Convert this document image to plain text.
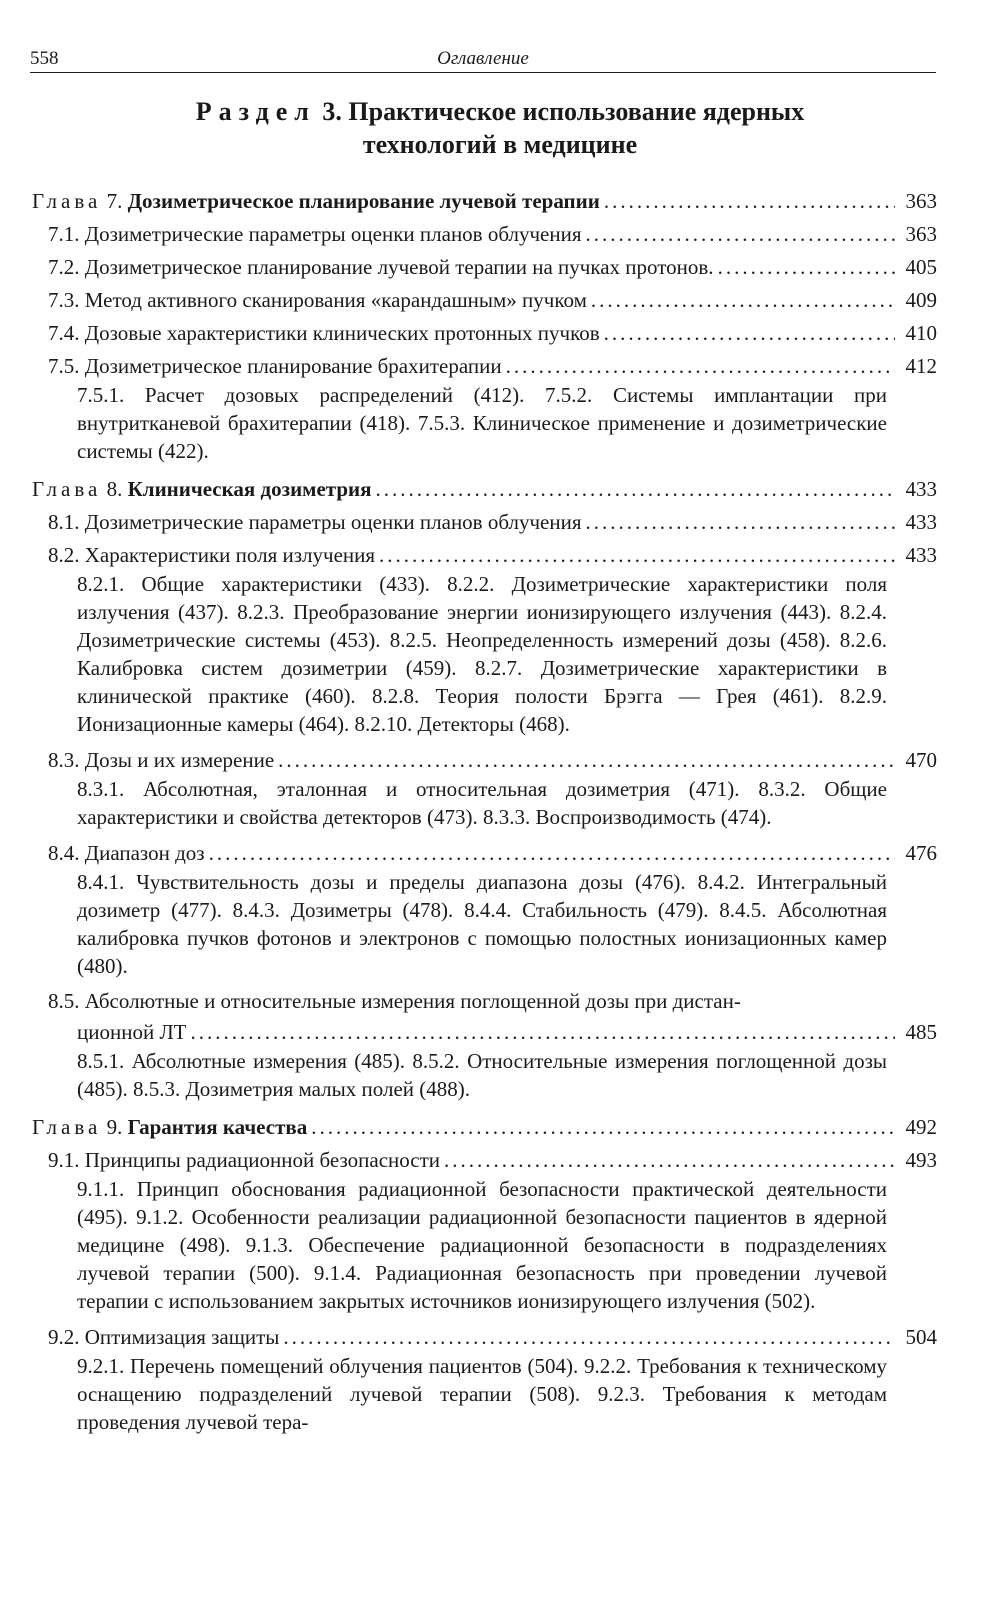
558	Оглавление
Раздел 3. Практическое использование ядерных
технологий в медицине
Глава 7. Дозиметрическое планирование лучевой терапии .....	363
7.1. Дозиметрические параметры оценки планов облучения .....	363
7.2. Дозиметрическое планирование лучевой терапии на пучках протонов. .....	405
7.3. Метод активного сканирования «карандашным» пучком .....	409
7.4. Дозовые характеристики клинических протонных пучков .....	410
7.5. Дозиметрическое планирование брахитерапии .....	412
7.5.1. Расчет дозовых распределений (412). 7.5.2. Системы имплантации при внутритканевой брахитерапии (418). 7.5.3. Клиническое применение и дозиметрические системы (422).
Глава 8. Клиническая дозиметрия .....	433
8.1. Дозиметрические параметры оценки планов облучения .....	433
8.2. Характеристики поля излучения .....	433
8.2.1. Общие характеристики (433). 8.2.2. Дозиметрические характеристики поля излучения (437). 8.2.3. Преобразование энергии ионизирующего излучения (443). 8.2.4. Дозиметрические системы (453). 8.2.5. Неопределенность измерений дозы (458). 8.2.6. Калибровка систем дозиметрии (459). 8.2.7. Дозиметрические характеристики в клинической практике (460). 8.2.8. Теория полости Брэгга — Грея (461). 8.2.9. Ионизационные камеры (464). 8.2.10. Детекторы (468).
8.3. Дозы и их измерение .....	470
8.3.1. Абсолютная, эталонная и относительная дозиметрия (471). 8.3.2. Общие характеристики и свойства детекторов (473). 8.3.3. Воспроизводимость (474).
8.4. Диапазон доз .....	476
8.4.1. Чувствительность дозы и пределы диапазона дозы (476). 8.4.2. Интегральный дозиметр (477). 8.4.3. Дозиметры (478). 8.4.4. Стабильность (479). 8.4.5. Абсолютная калибровка пучков фотонов и электронов с помощью полостных ионизационных камер (480).
8.5. Абсолютные и относительные измерения поглощенной дозы при дистан-
ционной ЛТ .....	485
8.5.1. Абсолютные измерения (485). 8.5.2. Относительные измерения поглощенной дозы (485). 8.5.3. Дозиметрия малых полей (488).
Глава 9. Гарантия качества .....	492
9.1. Принципы радиационной безопасности .....	493
9.1.1. Принцип обоснования радиационной безопасности практической деятельности (495). 9.1.2. Особенности реализации радиационной безопасности пациентов в ядерной медицине (498). 9.1.3. Обеспечение радиационной безопасности в подразделениях лучевой терапии (500). 9.1.4. Радиационная безопасность при проведении лучевой терапии с использованием закрытых источников ионизирующего излучения (502).
9.2. Оптимизация защиты .....	504
9.2.1. Перечень помещений облучения пациентов (504). 9.2.2. Требования к техническому оснащению подразделений лучевой терапии (508). 9.2.3. Требования к методам проведения лучевой тера-
